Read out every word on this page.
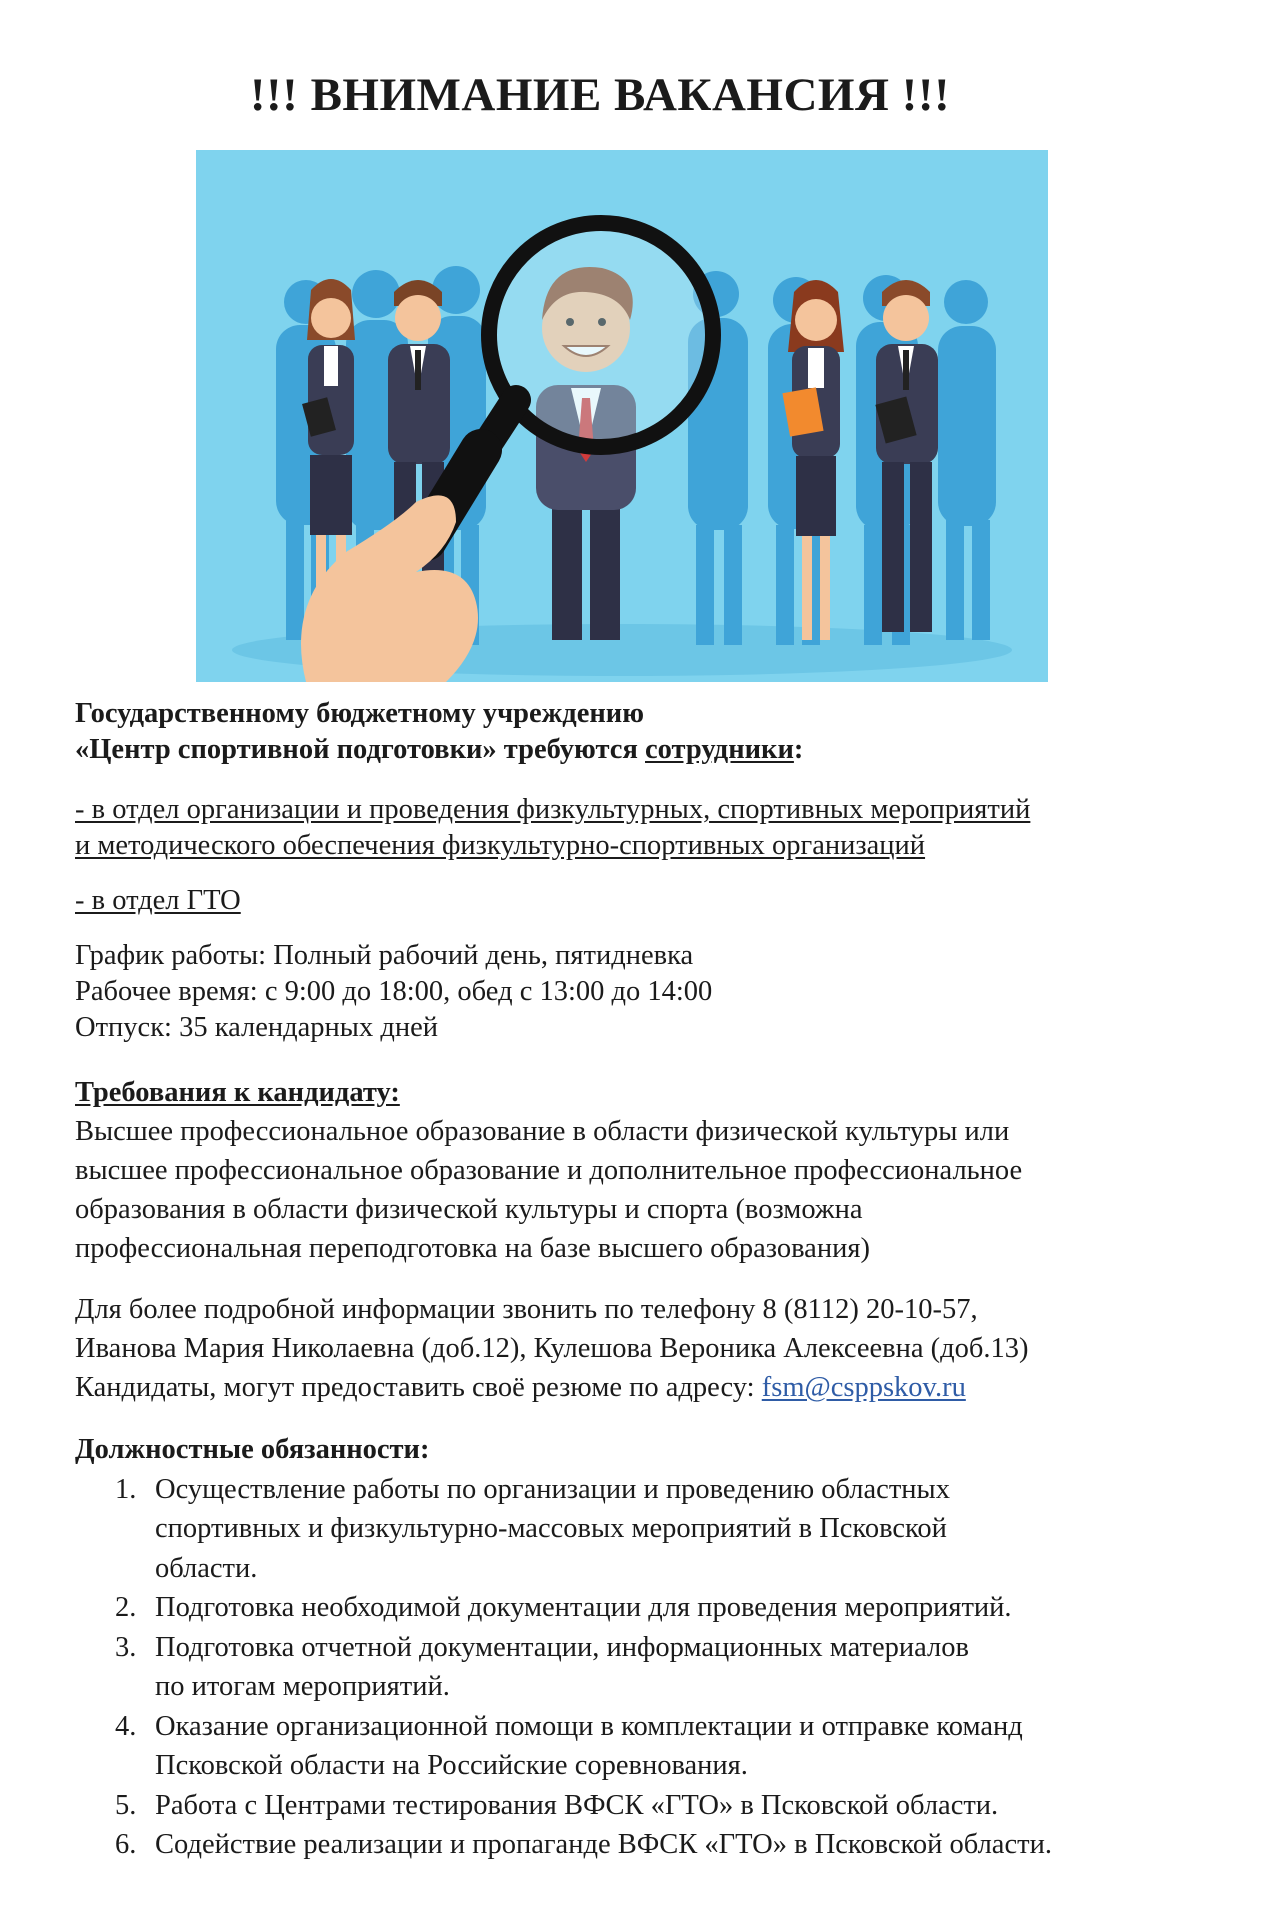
!!! ВНИМАНИЕ ВАКАНСИЯ !!!
Государственному бюджетному учреждению
«Центр спортивной подготовки» требуются сотрудники:
- в отдел организации и проведения физкультурных, спортивных мероприятий
и методического обеспечения физкультурно-спортивных организаций
- в отдел ГТО
График работы: Полный рабочий день, пятидневка
Рабочее время: с 9:00 до 18:00, обед с 13:00 до 14:00
Отпуск: 35 календарных дней
Требования к кандидату:
Высшее профессиональное образование в области физической культуры или
высшее профессиональное образование и дополнительное профессиональное
образования в области физической культуры и спорта (возможна
профессиональная переподготовка на базе высшего образования)
Для более подробной информации звонить по телефону 8 (8112) 20-10-57,
Иванова Мария Николаевна (доб.12), Кулешова Вероника Алексеевна (доб.13)
Кандидаты, могут предоставить своё резюме по адресу: fsm@csppskov.ru
Должностные обязанности:
1. Осуществление работы по организации и проведению областных
спортивных и физкультурно-массовых мероприятий в Псковской
области.
2. Подготовка необходимой документации для проведения мероприятий.
3. Подготовка отчетной документации, информационных материалов
по итогам мероприятий.
4. Оказание организационной помощи в комплектации и отправке команд
Псковской области на Российские соревнования.
5. Работа с Центрами тестирования ВФСК «ГТО» в Псковской области.
6. Содействие реализации и пропаганде ВФСК «ГТО» в Псковской области.
